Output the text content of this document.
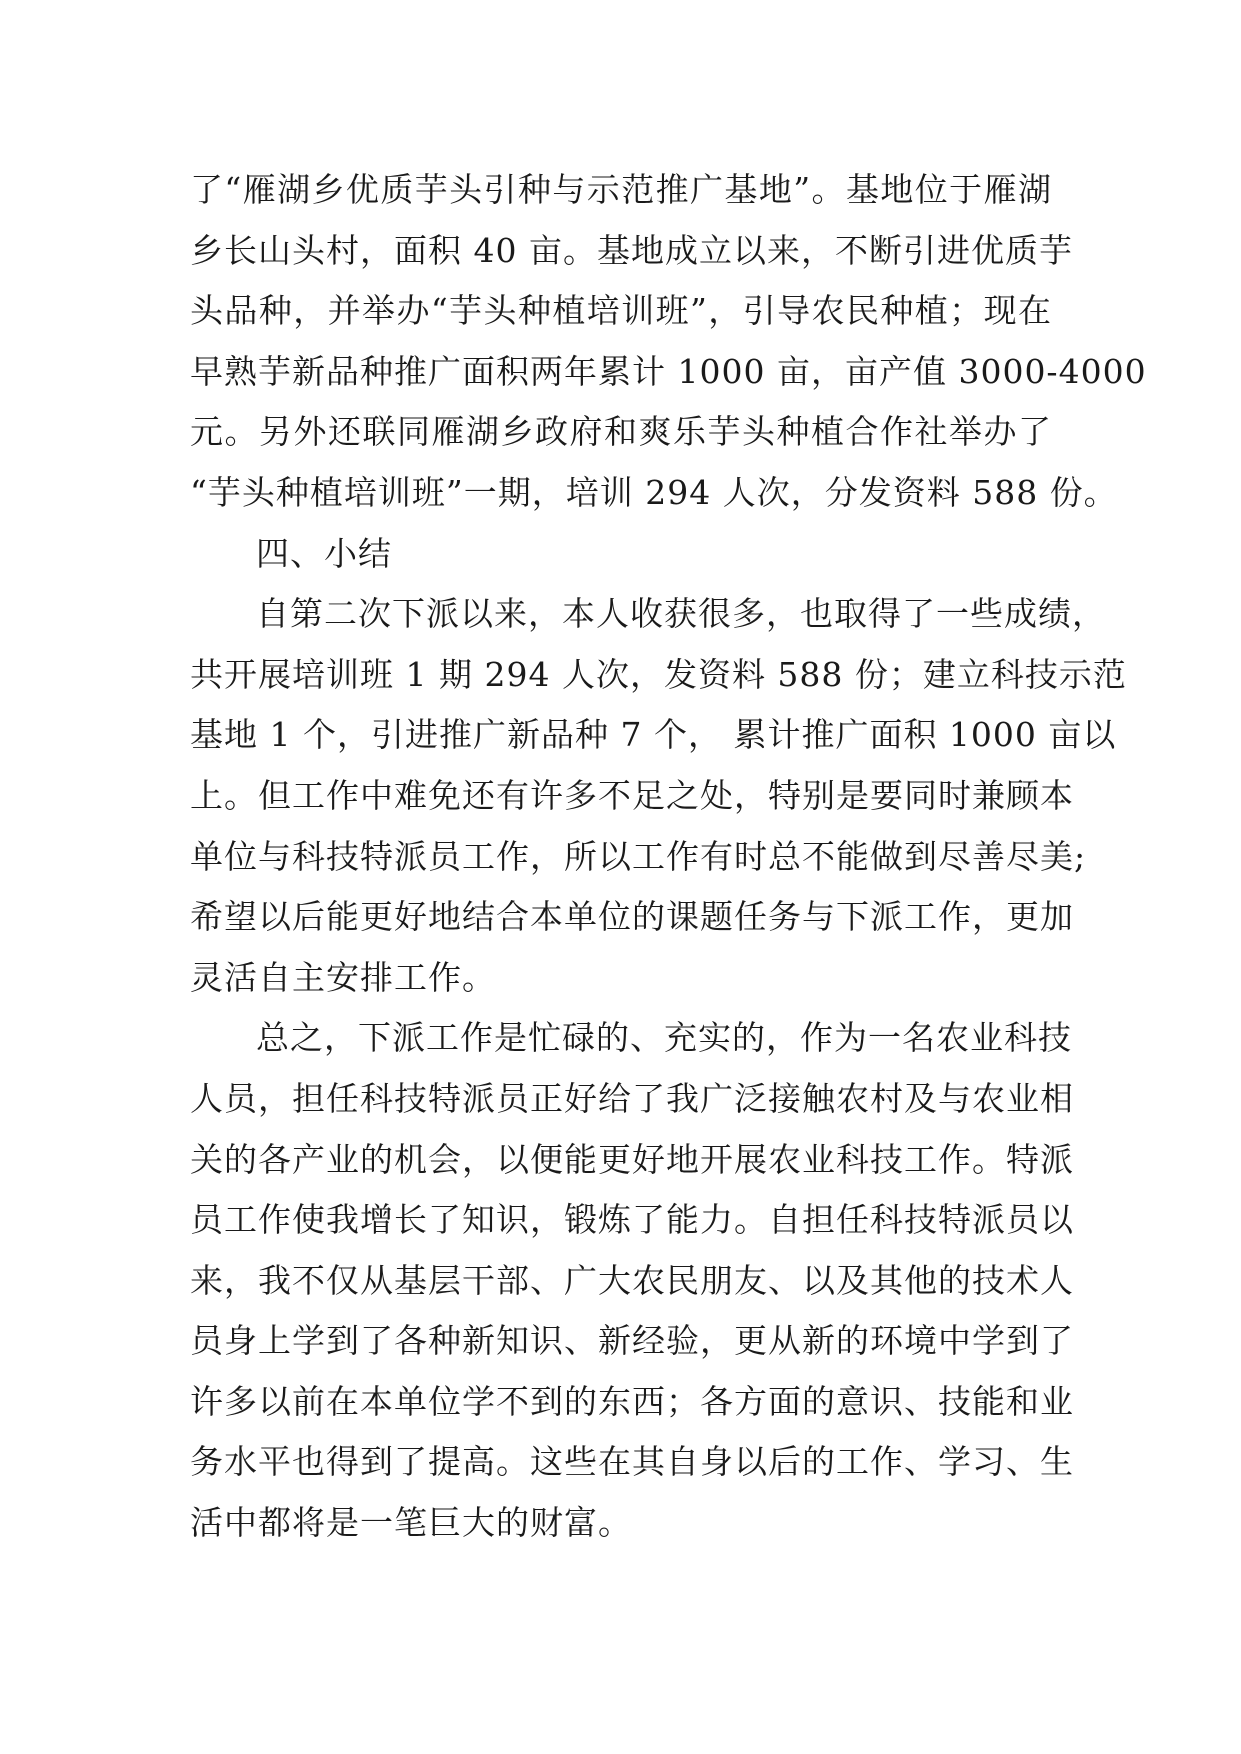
了“雁湖乡优质芋头引种与示范推广基地”。基地位于雁湖
乡长山头村，面积 40 亩。基地成立以来，不断引进优质芋
头品种，并举办“芋头种植培训班”，引导农民种植；现在
早熟芋新品种推广面积两年累计 1000 亩，亩产值 3000-4000
元。另外还联同雁湖乡政府和爽乐芋头种植合作社举办了
“芋头种植培训班”一期，培训 294 人次，分发资料 588 份。
四、小结
自第二次下派以来，本人收获很多，也取得了一些成绩，
共开展培训班 1 期 294 人次，发资料 588 份；建立科技示范
基地 1 个，引进推广新品种 7 个， 累计推广面积 1000 亩以
上。但工作中难免还有许多不足之处，特别是要同时兼顾本
单位与科技特派员工作，所以工作有时总不能做到尽善尽美;
希望以后能更好地结合本单位的课题任务与下派工作，更加
灵活自主安排工作。
总之，下派工作是忙碌的、充实的，作为一名农业科技
人员，担任科技特派员正好给了我广泛接触农村及与农业相
关的各产业的机会，以便能更好地开展农业科技工作。特派
员工作使我增长了知识，锻炼了能力。自担任科技特派员以
来，我不仅从基层干部、广大农民朋友、以及其他的技术人
员身上学到了各种新知识、新经验，更从新的环境中学到了
许多以前在本单位学不到的东西；各方面的意识、技能和业
务水平也得到了提高。这些在其自身以后的工作、学习、生
活中都将是一笔巨大的财富。
